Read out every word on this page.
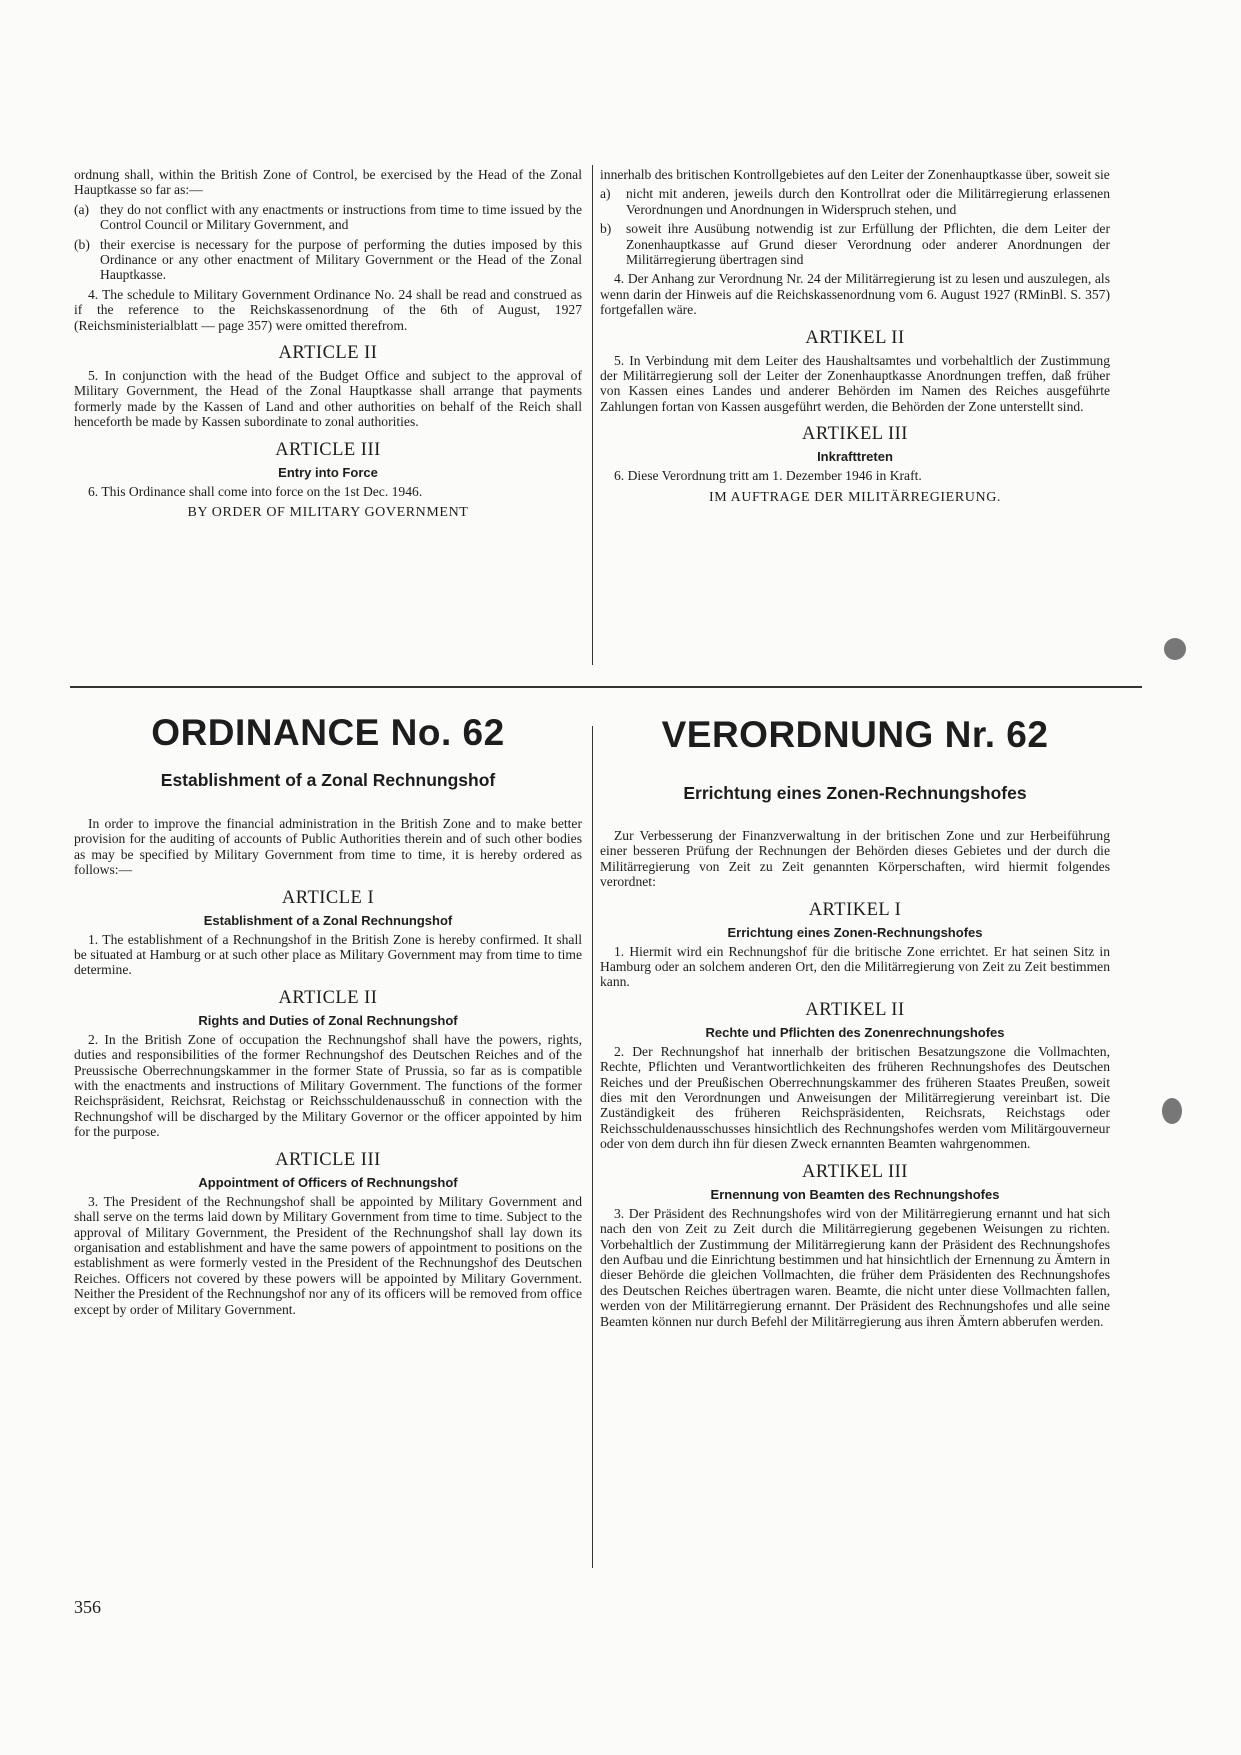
ordnung shall, within the British Zone of Control, be exercised by the Head of the Zonal Hauptkasse so far as:—

(a) they do not conflict with any enactments or instructions from time to time issued by the Control Council or Military Government, and
(b) their exercise is necessary for the purpose of performing the duties imposed by this Ordinance or any other enactment of Military Government or the Head of the Zonal Hauptkasse.

4. The schedule to Military Government Ordinance No. 24 shall be read and construed as if the reference to the Reichskassenordnung of the 6th of August, 1927 (Reichsministerialblatt — page 357) were omitted therefrom.

ARTICLE II

5. In conjunction with the head of the Budget Office and subject to the approval of Military Government, the Head of the Zonal Hauptkasse shall arrange that payments formerly made by the Kassen of Land and other authorities on behalf of the Reich shall henceforth be made by Kassen subordinate to zonal authorities.

ARTICLE III
Entry into Force

6. This Ordinance shall come into force on the 1st Dec. 1946.

BY ORDER OF MILITARY GOVERNMENT

innerhalb des britischen Kontrollgebietes auf den Leiter der Zonenhauptkasse über, soweit sie

a) nicht mit anderen, jeweils durch den Kontrollrat oder die Militärregierung erlassenen Verordnungen und Anordnungen in Widerspruch stehen, und
b) soweit ihre Ausübung notwendig ist zur Erfüllung der Pflichten, die dem Leiter der Zonenhauptkasse auf Grund dieser Verordnung oder anderer Anordnungen der Militärregierung übertragen sind

4. Der Anhang zur Verordnung Nr. 24 der Militärregierung ist zu lesen und auszulegen, als wenn darin der Hinweis auf die Reichskassenordnung vom 6. August 1927 (RMinBl. S. 357) fortgefallen wäre.

ARTIKEL II

5. In Verbindung mit dem Leiter des Haushaltsamtes und vorbehaltlich der Zustimmung der Militärregierung soll der Leiter der Zonenhauptkasse Anordnungen treffen, daß früher von Kassen eines Landes und anderer Behörden im Namen des Reiches ausgeführte Zahlungen fortan von Kassen ausgeführt werden, die Behörden der Zone unterstellt sind.

ARTIKEL III
Inkrafttreten

6. Diese Verordnung tritt am 1. Dezember 1946 in Kraft.

IM AUFTRAGE DER MILITÄRREGIERUNG.
ORDINANCE No. 62
Establishment of a Zonal Rechnungshof
VERORDNUNG Nr. 62
Errichtung eines Zonen-Rechnungshofes

In order to improve the financial administration in the British Zone and to make better provision for the auditing of accounts of Public Authorities therein and of such other bodies as may be specified by Military Government from time to time, it is hereby ordered as follows:—

ARTICLE I
Establishment of a Zonal Rechnungshof

1. The establishment of a Rechnungshof in the British Zone is hereby confirmed. It shall be situated at Hamburg or at such other place as Military Government may from time to time determine.

ARTICLE II
Rights and Duties of Zonal Rechnungshof

2. In the British Zone of occupation the Rechnungshof shall have the powers, rights, duties and responsibilities of the former Rechnungshof des Deutschen Reiches and of the Preussische Oberrechnungskammer in the former State of Prussia, so far as is compatible with the enactments and instructions of Military Government. The functions of the former Reichspräsident, Reichsrat, Reichstag or Reichsschuldenausschuß in connection with the Rechnungshof will be discharged by the Military Governor or the officer appointed by him for the purpose.

ARTICLE III
Appointment of Officers of Rechnungshof

3. The President of the Rechnungshof shall be appointed by Military Government and shall serve on the terms laid down by Military Government from time to time. Subject to the approval of Military Government, the President of the Rechnungshof shall lay down its organisation and establishment and have the same powers of appointment to positions on the establishment as were formerly vested in the President of the Rechnungshof des Deutschen Reiches. Officers not covered by these powers will be appointed by Military Government. Neither the President of the Rechnungshof nor any of its officers will be removed from office except by order of Military Government.

Zur Verbesserung der Finanzverwaltung in der britischen Zone und zur Herbeiführung einer besseren Prüfung der Rechnungen der Behörden dieses Gebietes und der durch die Militärregierung von Zeit zu Zeit genannten Körperschaften, wird hiermit folgendes verordnet:

ARTIKEL I
Errichtung eines Zonen-Rechnungshofes

1. Hiermit wird ein Rechnungshof für die britische Zone errichtet. Er hat seinen Sitz in Hamburg oder an solchem anderen Ort, den die Militärregierung von Zeit zu Zeit bestimmen kann.

ARTIKEL II
Rechte und Pflichten des Zonenrechnungshofes

2. Der Rechnungshof hat innerhalb der britischen Besatzungszone die Vollmachten, Rechte, Pflichten und Verantwortlichkeiten des früheren Rechnungshofes des Deutschen Reiches und der Preußischen Oberrechnungskammer des früheren Staates Preußen, soweit dies mit den Verordnungen und Anweisungen der Militärregierung vereinbart ist. Die Zuständigkeit des früheren Reichspräsidenten, Reichsrats, Reichstags oder Reichsschuldenausschusses hinsichtlich des Rechnungshofes werden vom Militärgouverneur oder von dem durch ihn für diesen Zweck ernannten Beamten wahrgenommen.

ARTIKEL III
Ernennung von Beamten des Rechnungshofes

3. Der Präsident des Rechnungshofes wird von der Militärregierung ernannt und hat sich nach den von Zeit zu Zeit durch die Militärregierung gegebenen Weisungen zu richten. Vorbehaltlich der Zustimmung der Militärregierung kann der Präsident des Rechnungshofes den Aufbau und die Einrichtung bestimmen und hat hinsichtlich der Ernennung zu Ämtern in dieser Behörde die gleichen Vollmachten, die früher dem Präsidenten des Rechnungshofes des Deutschen Reiches übertragen waren. Beamte, die nicht unter diese Vollmachten fallen, werden von der Militärregierung ernannt. Der Präsident des Rechnungshofes und alle seine Beamten können nur durch Befehl der Militärregierung aus ihren Ämtern abberufen werden.

356
